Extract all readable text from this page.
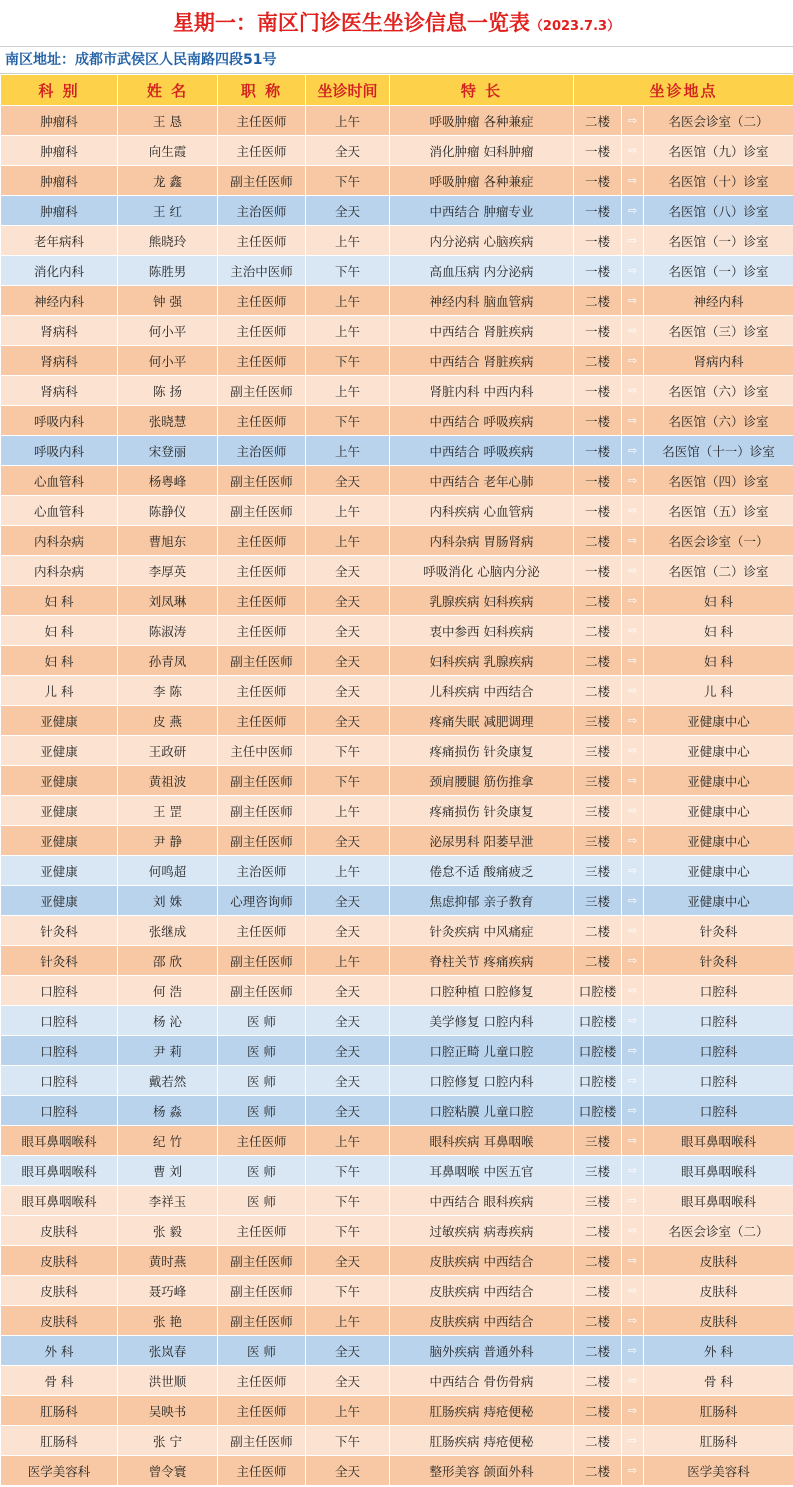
星期一：南区门诊医生坐诊信息一览表（2023.7.3）
南区地址：成都市武侯区人民南路四段51号
科 别	姓 名	职 称	坐诊时间	特 长	坐诊地点		
肿瘤科	王 恳	主任医师	上午	呼吸肿瘤 各种兼症	二楼	⇨	名医会诊室（二）
肿瘤科	向生霞	主任医师	全天	消化肿瘤 妇科肿瘤	一楼	⇨	名医馆（九）诊室
肿瘤科	龙 鑫	副主任医师	下午	呼吸肿瘤 各种兼症	一楼	⇨	名医馆（十）诊室
肿瘤科	王 红	主治医师	全天	中西结合 肿瘤专业	一楼	⇨	名医馆（八）诊室
老年病科	熊晓玲	主任医师	上午	内分泌病 心脑疾病	一楼	⇨	名医馆（一）诊室
消化内科	陈胜男	主治中医师	下午	高血压病 内分泌病	一楼	⇨	名医馆（一）诊室
神经内科	钟 强	主任医师	上午	神经内科 脑血管病	二楼	⇨	神经内科
肾病科	何小平	主任医师	上午	中西结合 肾脏疾病	一楼	⇨	名医馆（三）诊室
肾病科	何小平	主任医师	下午	中西结合 肾脏疾病	二楼	⇨	肾病内科
肾病科	陈 扬	副主任医师	上午	肾脏内科 中西内科	一楼	⇨	名医馆（六）诊室
呼吸内科	张晓慧	主任医师	下午	中西结合 呼吸疾病	一楼	⇨	名医馆（六）诊室
呼吸内科	宋登丽	主治医师	上午	中西结合 呼吸疾病	一楼	⇨	名医馆（十一）诊室
心血管科	杨粤峰	副主任医师	全天	中西结合 老年心肺	一楼	⇨	名医馆（四）诊室
心血管科	陈静仪	副主任医师	上午	内科疾病 心血管病	一楼	⇨	名医馆（五）诊室
内科杂病	曹旭东	主任医师	上午	内科杂病 胃肠肾病	二楼	⇨	名医会诊室（一）
内科杂病	李厚英	主任医师	全天	呼吸消化 心脑内分泌	一楼	⇨	名医馆（二）诊室
妇 科	刘凤琳	主任医师	全天	乳腺疾病 妇科疾病	二楼	⇨	妇 科
妇 科	陈淑涛	主任医师	全天	衷中参西 妇科疾病	二楼	⇨	妇 科
妇 科	孙青凤	副主任医师	全天	妇科疾病 乳腺疾病	二楼	⇨	妇 科
儿 科	李 陈	主任医师	全天	儿科疾病 中西结合	二楼	⇨	儿 科
亚健康	皮 燕	主任医师	全天	疼痛失眠 减肥调理	三楼	⇨	亚健康中心
亚健康	王政研	主任中医师	下午	疼痛损伤 针灸康复	三楼	⇨	亚健康中心
亚健康	黄祖波	副主任医师	下午	颈肩腰腿 筋伤推拿	三楼	⇨	亚健康中心
亚健康	王 罡	副主任医师	上午	疼痛损伤 针灸康复	三楼	⇨	亚健康中心
亚健康	尹 静	副主任医师	全天	泌尿男科 阳萎早泄	三楼	⇨	亚健康中心
亚健康	何鸣超	主治医师	上午	倦怠不适 酸痛疲乏	三楼	⇨	亚健康中心
亚健康	刘 姝	心理咨询师	全天	焦虑抑郁 亲子教育	三楼	⇨	亚健康中心
针灸科	张继成	主任医师	全天	针灸疾病 中风痛症	二楼	⇨	针灸科
针灸科	邵 欣	副主任医师	上午	脊柱关节 疼痛疾病	二楼	⇨	针灸科
口腔科	何 浩	副主任医师	全天	口腔种植 口腔修复	口腔楼	⇨	口腔科
口腔科	杨 沁	医 师	全天	美学修复 口腔内科	口腔楼	⇨	口腔科
口腔科	尹 莉	医 师	全天	口腔正畸 儿童口腔	口腔楼	⇨	口腔科
口腔科	戴若然	医 师	全天	口腔修复 口腔内科	口腔楼	⇨	口腔科
口腔科	杨 淼	医 师	全天	口腔粘膜 儿童口腔	口腔楼	⇨	口腔科
眼耳鼻咽喉科	纪 竹	主任医师	上午	眼科疾病 耳鼻咽喉	三楼	⇨	眼耳鼻咽喉科
眼耳鼻咽喉科	曹 刘	医 师	下午	耳鼻咽喉 中医五官	三楼	⇨	眼耳鼻咽喉科
眼耳鼻咽喉科	李祥玉	医 师	下午	中西结合 眼科疾病	三楼	⇨	眼耳鼻咽喉科
皮肤科	张 毅	主任医师	下午	过敏疾病 病毒疾病	二楼	⇨	名医会诊室（二）
皮肤科	黄时燕	副主任医师	全天	皮肤疾病 中西结合	二楼	⇨	皮肤科
皮肤科	聂巧峰	副主任医师	下午	皮肤疾病 中西结合	二楼	⇨	皮肤科
皮肤科	张 艳	副主任医师	上午	皮肤疾病 中西结合	二楼	⇨	皮肤科
外 科	张岚春	医 师	全天	脑外疾病 普通外科	二楼	⇨	外 科
骨 科	洪世顺	主任医师	全天	中西结合 骨伤骨病	二楼	⇨	骨 科
肛肠科	吴映书	主任医师	上午	肛肠疾病 痔疮便秘	二楼	⇨	肛肠科
肛肠科	张 宁	副主任医师	下午	肛肠疾病 痔疮便秘	二楼	⇨	肛肠科
医学美容科	曾令寰	主任医师	全天	整形美容 颌面外科	二楼	⇨	医学美容科
